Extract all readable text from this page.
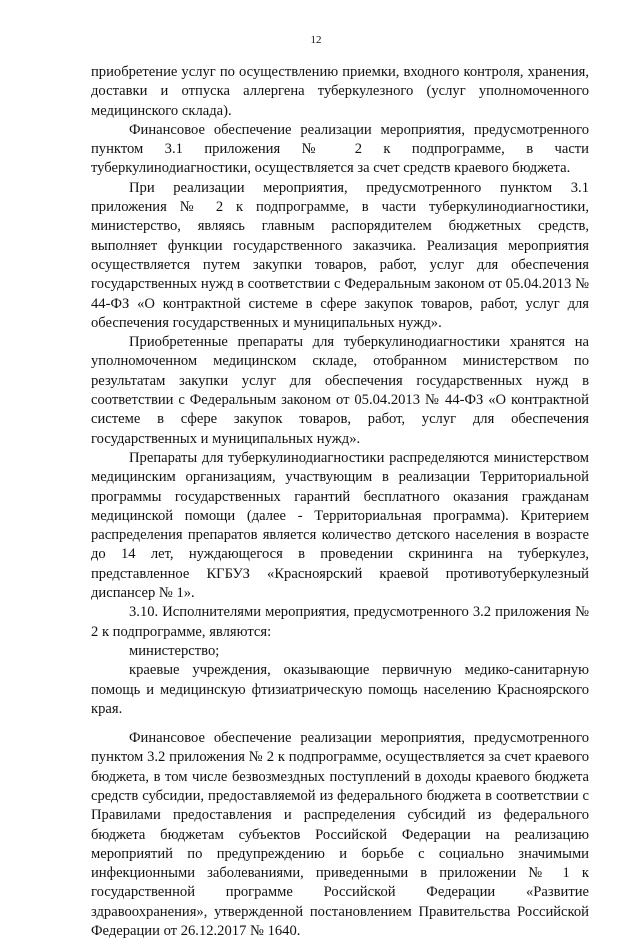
12

приобретение услуг по осуществлению приемки, входного контроля, хранения, доставки и отпуска аллергена туберкулезного (услуг уполномоченного медицинского склада).

Финансовое обеспечение реализации мероприятия, предусмотренного пунктом 3.1 приложения № 2 к подпрограмме, в части туберкулинодиагностики, осуществляется за счет средств краевого бюджета.

При реализации мероприятия, предусмотренного пунктом 3.1 приложения № 2 к подпрограмме, в части туберкулинодиагностики, министерство, являясь главным распорядителем бюджетных средств, выполняет функции государственного заказчика. Реализация мероприятия осуществляется путем закупки товаров, работ, услуг для обеспечения государственных нужд в соответствии с Федеральным законом от 05.04.2013 № 44-ФЗ «О контрактной системе в сфере закупок товаров, работ, услуг для обеспечения государственных и муниципальных нужд».

Приобретенные препараты для туберкулинодиагностики хранятся на уполномоченном медицинском складе, отобранном министерством по результатам закупки услуг для обеспечения государственных нужд в соответствии с Федеральным законом от 05.04.2013 № 44-ФЗ «О контрактной системе в сфере закупок товаров, работ, услуг для обеспечения государственных и муниципальных нужд».

Препараты для туберкулинодиагностики распределяются министерством медицинским организациям, участвующим в реализации Территориальной программы государственных гарантий бесплатного оказания гражданам медицинской помощи (далее - Территориальная программа). Критерием распределения препаратов является количество детского населения в возрасте до 14 лет, нуждающегося в проведении скрининга на туберкулез, представленное КГБУЗ «Красноярский краевой противотуберкулезный диспансер № 1».

3.10. Исполнителями мероприятия, предусмотренного 3.2 приложения № 2 к подпрограмме, являются:

министерство;

краевые учреждения, оказывающие первичную медико-санитарную помощь и медицинскую фтизиатрическую помощь населению Красноярского края.

Финансовое обеспечение реализации мероприятия, предусмотренного пунктом 3.2 приложения № 2 к подпрограмме, осуществляется за счет краевого бюджета, в том числе безвозмездных поступлений в доходы краевого бюджета средств субсидии, предоставляемой из федерального бюджета в соответствии с Правилами предоставления и распределения субсидий из федерального бюджета бюджетам субъектов Российской Федерации на реализацию мероприятий по предупреждению и борьбе с социально значимыми инфекционными заболеваниями, приведенными в приложении № 1 к государственной программе Российской Федерации «Развитие здравоохранения», утвержденной постановлением Правительства Российской Федерации от 26.12.2017 № 1640.
